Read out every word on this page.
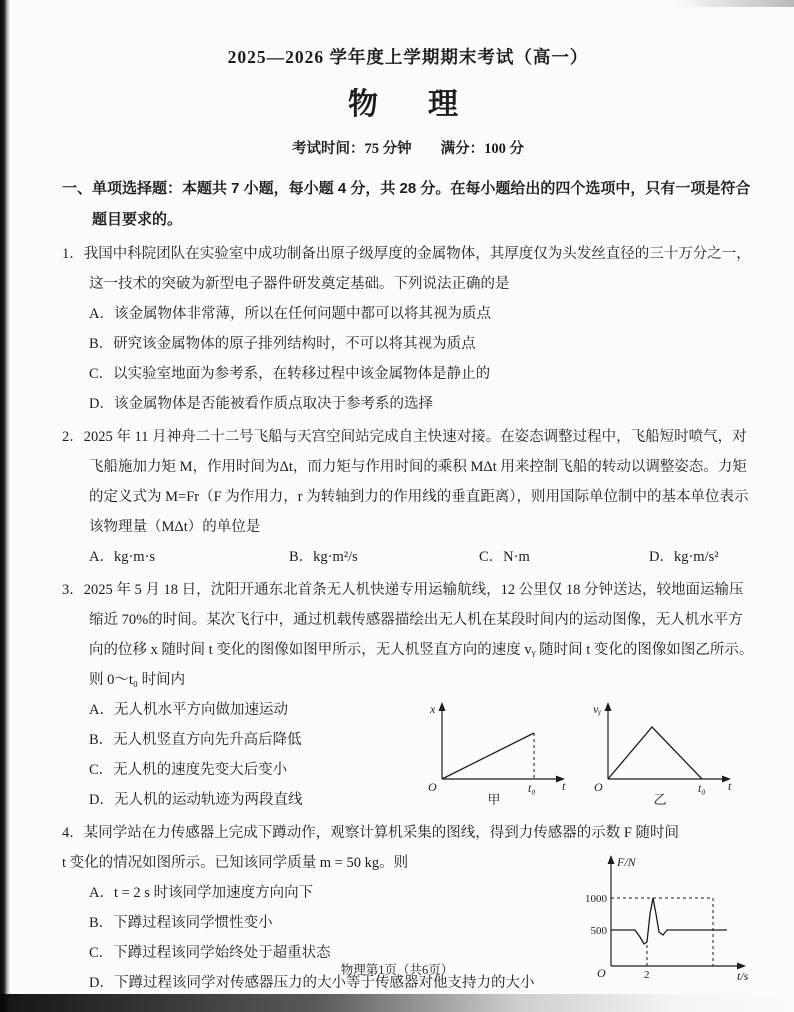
2025—2026 学年度上学期期末考试（高一）
物　理
考试时间：75 分钟　　满分：100 分
一、单项选择题：本题共 7 小题，每小题 4 分，共 28 分。在每小题给出的四个选项中，只有一项是符合题目要求的。

1．我国中科院团队在实验室中成功制备出原子级厚度的金属物体，其厚度仅为头发丝直径的三十万分之一，这一技术的突破为新型电子器件研发奠定基础。下列说法正确的是

A．该金属物体非常薄，所以在任何问题中都可以将其视为质点

B．研究该金属物体的原子排列结构时，不可以将其视为质点

C．以实验室地面为参考系，在转移过程中该金属物体是静止的

D．该金属物体是否能被看作质点取决于参考系的选择

2．2025 年 11 月神舟二十二号飞船与天宫空间站完成自主快速对接。在姿态调整过程中，飞船短时喷气，对飞船施加力矩 M，作用时间为Δt，而力矩与作用时间的乘积 MΔt 用来控制飞船的转动以调整姿态。力矩的定义式为 M=Fr（F 为作用力，r 为转轴到力的作用线的垂直距离），则用国际单位制中的基本单位表示该物理量（MΔt）的单位是

A．kg·m·s	B．kg·m²/s	C．N·m	D．kg·m/s²

3．2025 年 5 月 18 日，沈阳开通东北首条无人机快递专用运输航线，12 公里仅 18 分钟送达，较地面运输压缩近 70%的时间。某次飞行中，通过机载传感器描绘出无人机在某段时间内的运动图像，无人机水平方向的位移 x 随时间 t 变化的图像如图甲所示，无人机竖直方向的速度 vᵧ 随时间 t 变化的图像如图乙所示。则 0～t₀ 时间内

A．无人机水平方向做加速运动

B．无人机竖直方向先升高后降低

C．无人机的速度先变大后变小

D．无人机的运动轨迹为两段直线

x
t
O	t₀
甲
vᵧ
t
O	t₀
乙

4．某同学站在力传感器上完成下蹲动作，观察计算机采集的图线，得到力传感器的示数 F 随时间

t 变化的情况如图所示。已知该同学质量 m = 50 kg。则

A．t = 2 s 时该同学加速度方向向下

B．下蹲过程该同学惯性变小

C．下蹲过程该同学始终处于超重状态

D．下蹲过程该同学对传感器压力的大小等于传感器对他支持力的大小

F/N
t/s
O
1000
500
2
物理第1页（共6页）
